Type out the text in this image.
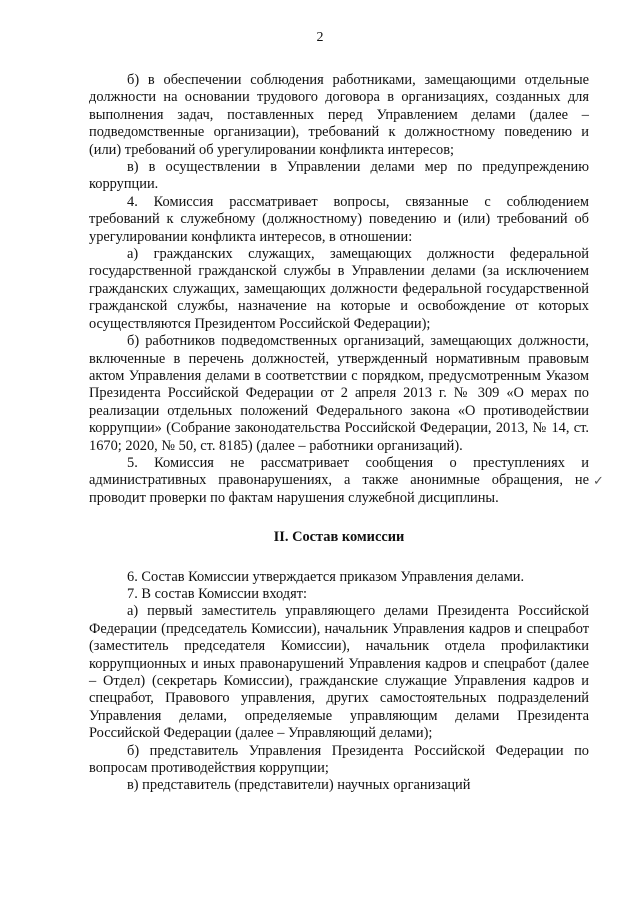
2

б) в обеспечении соблюдения работниками, замещающими отдельные должности на основании трудового договора в организациях, созданных для выполнения задач, поставленных перед Управлением делами (далее – подведомственные организации), требований к должностному поведению и (или) требований об урегулировании конфликта интересов;

в) в осуществлении в Управлении делами мер по предупреждению коррупции.

4. Комиссия рассматривает вопросы, связанные с соблюдением требований к служебному (должностному) поведению и (или) требований об урегулировании конфликта интересов, в отношении:

а) гражданских служащих, замещающих должности федеральной государственной гражданской службы в Управлении делами (за исключением гражданских служащих, замещающих должности федеральной государственной гражданской службы, назначение на которые и освобождение от которых осуществляются Президентом Российской Федерации);

б) работников подведомственных организаций, замещающих должности, включенные в перечень должностей, утвержденный нормативным правовым актом Управления делами в соответствии с порядком, предусмотренным Указом Президента Российской Федерации от 2 апреля 2013 г. № 309 «О мерах по реализации отдельных положений Федерального закона «О противодействии коррупции» (Собрание законодательства Российской Федерации, 2013, № 14, ст. 1670; 2020, № 50, ст. 8185) (далее – работники организаций).

5. Комиссия не рассматривает сообщения о преступлениях и административных правонарушениях, а также анонимные обращения, не проводит проверки по фактам нарушения служебной дисциплины.

II. Состав комиссии

6. Состав Комиссии утверждается приказом Управления делами.

7. В состав Комиссии входят:

а) первый заместитель управляющего делами Президента Российской Федерации (председатель Комиссии), начальник Управления кадров и спецработ (заместитель председателя Комиссии), начальник отдела профилактики коррупционных и иных правонарушений Управления кадров и спецработ (далее – Отдел) (секретарь Комиссии), гражданские служащие Управления кадров и спецработ, Правового управления, других самостоятельных подразделений Управления делами, определяемые управляющим делами Президента Российской Федерации (далее – Управляющий делами);

б) представитель Управления Президента Российской Федерации по вопросам противодействия коррупции;

в) представитель (представители) научных организаций

✓
